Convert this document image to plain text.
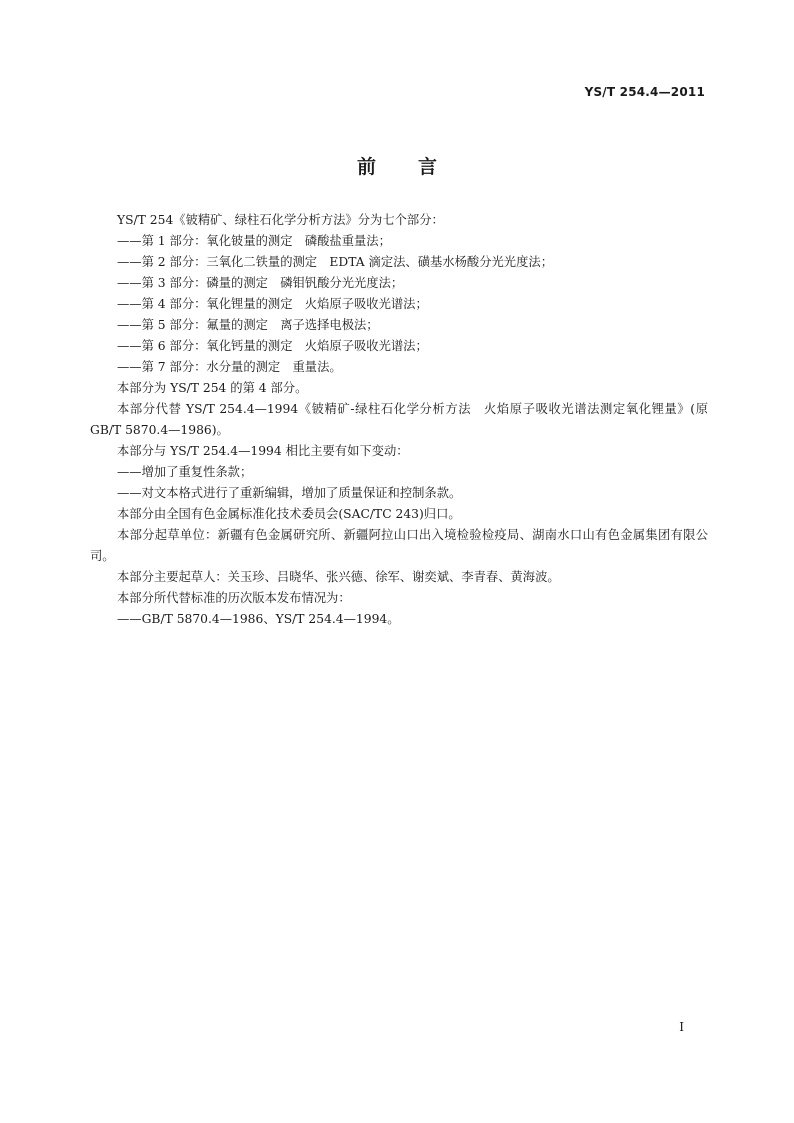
YS/T 254.4—2011

前 言

YS/T 254《铍精矿、绿柱石化学分析方法》分为七个部分：

——第 1 部分：氧化铍量的测定　磷酸盐重量法；

——第 2 部分：三氧化二铁量的测定　EDTA 滴定法、磺基水杨酸分光光度法；

——第 3 部分：磷量的测定　磷钼钒酸分光光度法；

——第 4 部分：氧化锂量的测定　火焰原子吸收光谱法；

——第 5 部分：氟量的测定　离子选择电极法；

——第 6 部分：氧化钙量的测定　火焰原子吸收光谱法；

——第 7 部分：水分量的测定　重量法。

本部分为 YS/T 254 的第 4 部分。

本部分代替 YS/T 254.4—1994《铍精矿-绿柱石化学分析方法　火焰原子吸收光谱法测定氧化锂量》(原 GB/T 5870.4—1986)。

本部分与 YS/T 254.4—1994 相比主要有如下变动：

——增加了重复性条款；

——对文本格式进行了重新编辑，增加了质量保证和控制条款。

本部分由全国有色金属标准化技术委员会(SAC/TC 243)归口。

本部分起草单位：新疆有色金属研究所、新疆阿拉山口出入境检验检疫局、湖南水口山有色金属集团有限公司。

本部分主要起草人：关玉珍、吕晓华、张兴德、徐军、谢奕斌、李青春、黄海波。

本部分所代替标准的历次版本发布情况为：

——GB/T 5870.4—1986、YS/T 254.4—1994。

I
